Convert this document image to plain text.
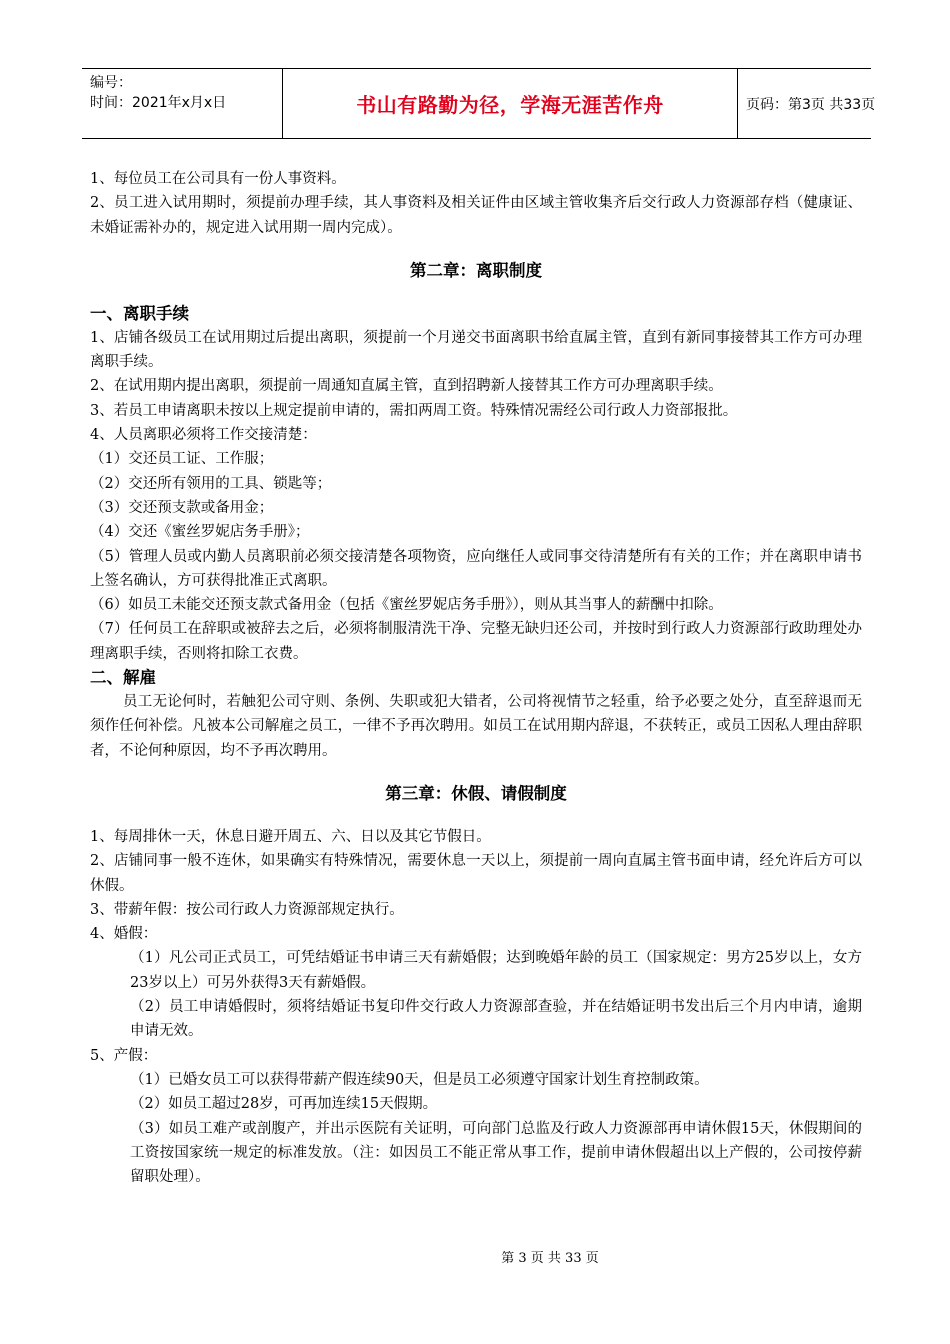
编号：
时间：2021年x月x日	书山有路勤为径，学海无涯苦作舟	页码：第3页 共33页

1、每位员工在公司具有一份人事资料。

2、员工进入试用期时，须提前办理手续，其人事资料及相关证件由区域主管收集齐后交行政人力资源部存档（健康证、未婚证需补办的，规定进入试用期一周内完成）。

第二章：离职制度

一、离职手续

1、店铺各级员工在试用期过后提出离职，须提前一个月递交书面离职书给直属主管，直到有新同事接替其工作方可办理离职手续。

2、在试用期内提出离职，须提前一周通知直属主管，直到招聘新人接替其工作方可办理离职手续。

3、若员工申请离职未按以上规定提前申请的，需扣两周工资。特殊情况需经公司行政人力资部报批。

4、人员离职必须将工作交接清楚：

（1）交还员工证、工作服；

（2）交还所有领用的工具、锁匙等；

（3）交还预支款或备用金；

（4）交还《蜜丝罗妮店务手册》；

（5）管理人员或内勤人员离职前必须交接清楚各项物资，应向继任人或同事交待清楚所有有关的工作；并在离职申请书上签名确认，方可获得批准正式离职。

（6）如员工未能交还预支款式备用金（包括《蜜丝罗妮店务手册》），则从其当事人的薪酬中扣除。

（7）任何员工在辞职或被辞去之后，必须将制服清洗干净、完整无缺归还公司，并按时到行政人力资源部行政助理处办理离职手续，否则将扣除工衣费。

二、解雇

员工无论何时，若触犯公司守则、条例、失职或犯大错者，公司将视情节之轻重，给予必要之处分，直至辞退而无须作任何补偿。凡被本公司解雇之员工，一律不予再次聘用。如员工在试用期内辞退，不获转正，或员工因私人理由辞职者，不论何种原因，均不予再次聘用。

第三章：休假、请假制度

1、每周排休一天，休息日避开周五、六、日以及其它节假日。

2、店铺同事一般不连休，如果确实有特殊情况，需要休息一天以上，须提前一周向直属主管书面申请，经允许后方可以休假。

3、带薪年假：按公司行政人力资源部规定执行。

4、婚假：

（1）凡公司正式员工，可凭结婚证书申请三天有薪婚假；达到晚婚年龄的员工（国家规定：男方25岁以上，女方23岁以上）可另外获得3天有薪婚假。

（2）员工申请婚假时，须将结婚证书复印件交行政人力资源部查验，并在结婚证明书发出后三个月内申请，逾期申请无效。

5、产假：

（1）已婚女员工可以获得带薪产假连续90天，但是员工必须遵守国家计划生育控制政策。

（2）如员工超过28岁，可再加连续15天假期。

（3）如员工难产或剖腹产，并出示医院有关证明，可向部门总监及行政人力资源部再申请休假15天，休假期间的工资按国家统一规定的标准发放。（注：如因员工不能正常从事工作，提前申请休假超出以上产假的，公司按停薪留职处理）。

第 3 页 共 33 页
